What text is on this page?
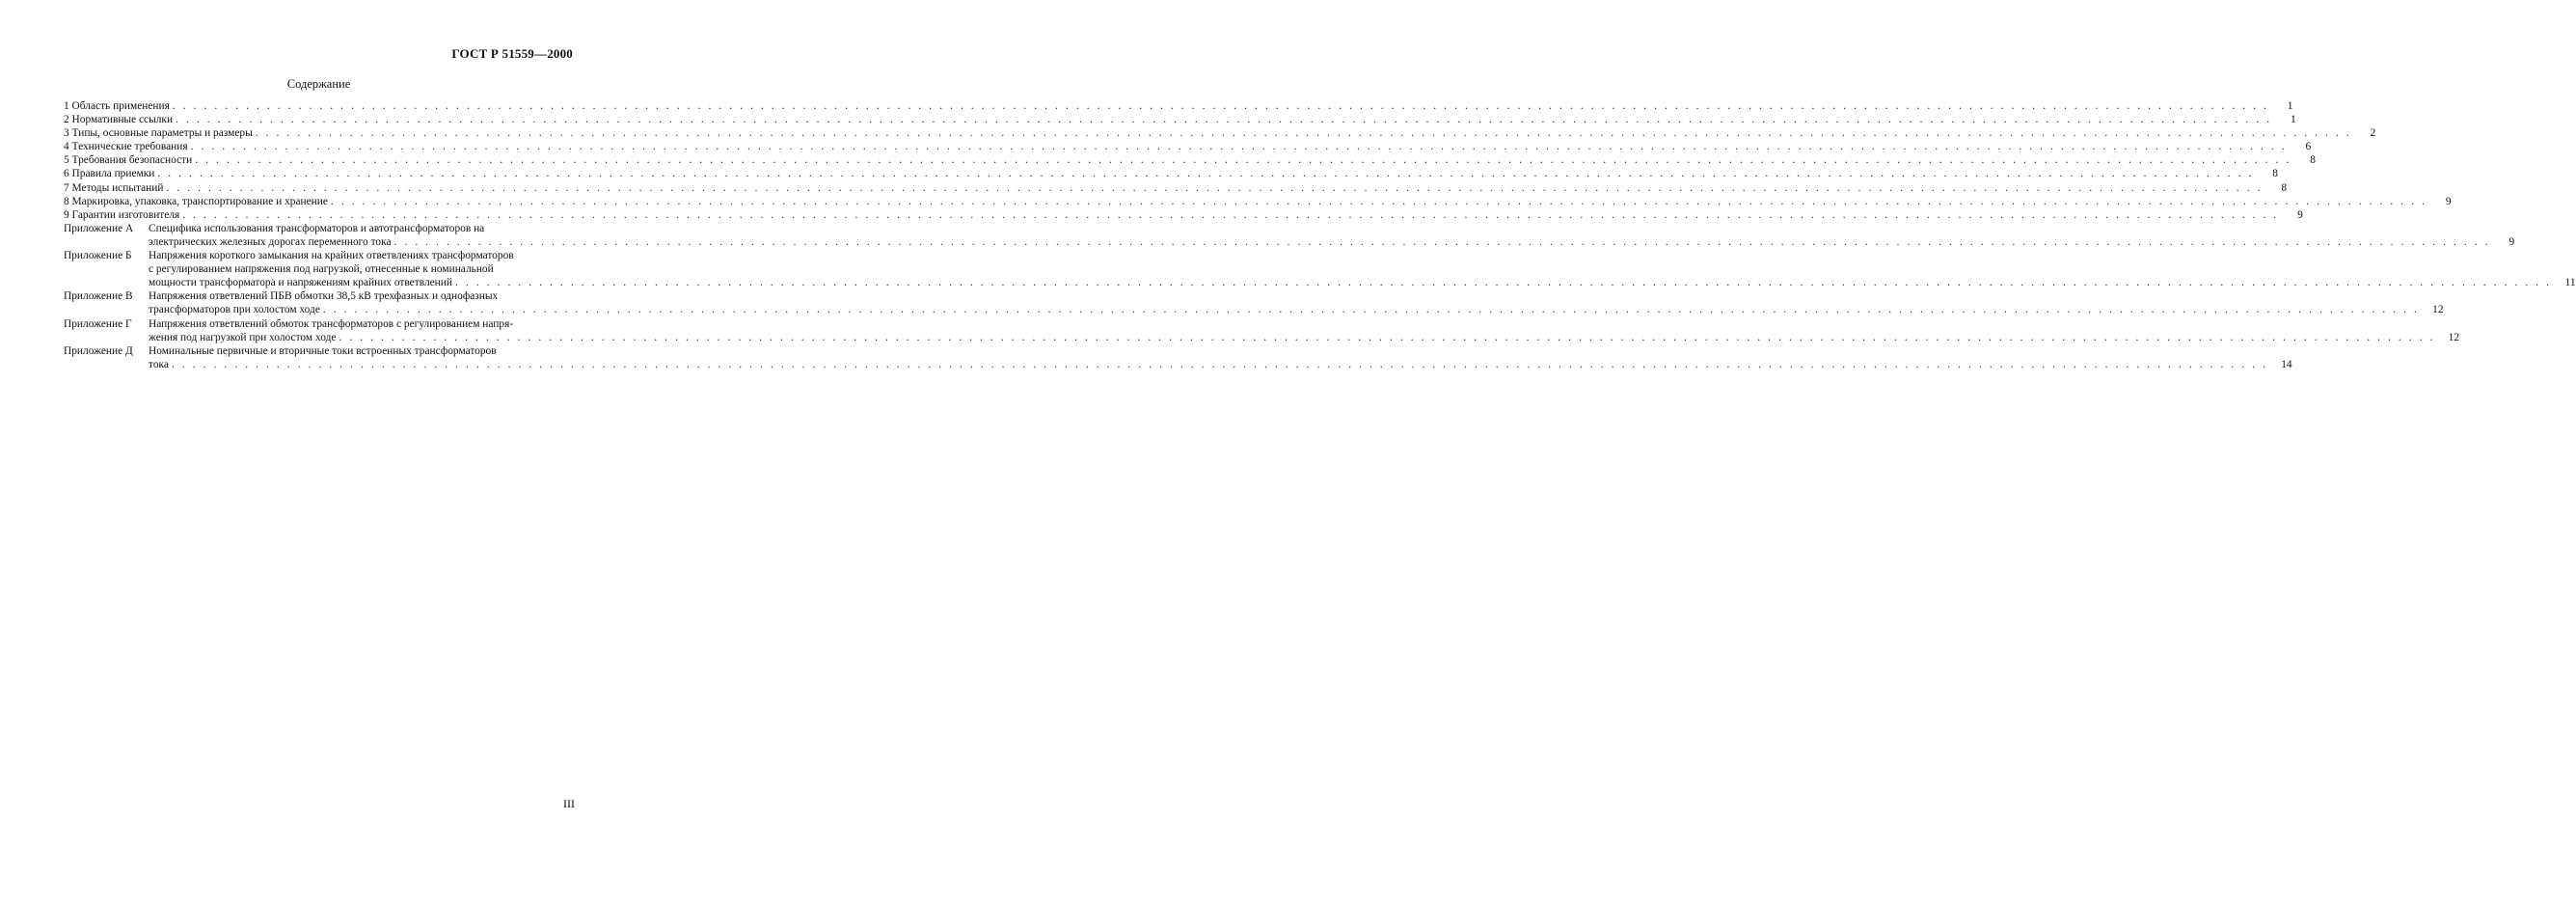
ГОСТ Р 51559—2000
Содержание
1 Область применения . . . . . . . . . . . . . . . . . . . . . . . . . . . . . . . . . . . . . . . . . . . . . . . . . . . . . . . . . . . . . . . . . . . . . . . . . . . . . . . . . . . . . . . . . . . . . . . . . . . . . . . . . . . . . . . . . . . . . . . . . . . . . . . . . . . . . . . . . . . . . . . . . . . . . . . . . . . . . . . . . . . . . . . . . . . . . . . . . . . . . . . . . . . . . . . . . . . . . . . .	1
2 Нормативные ссылки . . . . . . . . . . . . . . . . . . . . . . . . . . . . . . . . . . . . . . . . . . . . . . . . . . . . . . . . . . . . . . . . . . . . . . . . . . . . . . . . . . . . . . . . . . . . . . . . . . . . . . . . . . . . . . . . . . . . . . . . . . . . . . . . . . . . . . . . . . . . . . . . . . . . . . . . . . . . . . . . . . . . . . . . . . . . . . . . . . . . . . . . . . . . . . . . . . . . . . . .	1
3 Типы, основные параметры и размеры . . . . . . . . . . . . . . . . . . . . . . . . . . . . . . . . . . . . . . . . . . . . . . . . . . . . . . . . . . . . . . . . . . . . . . . . . . . . . . . . . . . . . . . . . . . . . . . . . . . . . . . . . . . . . . . . . . . . . . . . . . . . . . . . . . . . . . . . . . . . . . . . . . . . . . . . . . . . . . . . . . . . . . . . . . . . . . . . . . . . . . . . . . . . . . . . . . . . . . . .	2
4 Технические требования . . . . . . . . . . . . . . . . . . . . . . . . . . . . . . . . . . . . . . . . . . . . . . . . . . . . . . . . . . . . . . . . . . . . . . . . . . . . . . . . . . . . . . . . . . . . . . . . . . . . . . . . . . . . . . . . . . . . . . . . . . . . . . . . . . . . . . . . . . . . . . . . . . . . . . . . . . . . . . . . . . . . . . . . . . . . . . . . . . . . . . . . . . . . . . . . . . . . . . . .	6
5 Требования безопасности . . . . . . . . . . . . . . . . . . . . . . . . . . . . . . . . . . . . . . . . . . . . . . . . . . . . . . . . . . . . . . . . . . . . . . . . . . . . . . . . . . . . . . . . . . . . . . . . . . . . . . . . . . . . . . . . . . . . . . . . . . . . . . . . . . . . . . . . . . . . . . . . . . . . . . . . . . . . . . . . . . . . . . . . . . . . . . . . . . . . . . . . . . . . . . . . . . . . . . . .	8
6 Правила приемки . . . . . . . . . . . . . . . . . . . . . . . . . . . . . . . . . . . . . . . . . . . . . . . . . . . . . . . . . . . . . . . . . . . . . . . . . . . . . . . . . . . . . . . . . . . . . . . . . . . . . . . . . . . . . . . . . . . . . . . . . . . . . . . . . . . . . . . . . . . . . . . . . . . . . . . . . . . . . . . . . . . . . . . . . . . . . . . . . . . . . . . . . . . . . . . . . . . . . . . .	8
7 Методы испытаний . . . . . . . . . . . . . . . . . . . . . . . . . . . . . . . . . . . . . . . . . . . . . . . . . . . . . . . . . . . . . . . . . . . . . . . . . . . . . . . . . . . . . . . . . . . . . . . . . . . . . . . . . . . . . . . . . . . . . . . . . . . . . . . . . . . . . . . . . . . . . . . . . . . . . . . . . . . . . . . . . . . . . . . . . . . . . . . . . . . . . . . . . . . . . . . . . . . . . . . .	8
8 Маркировка, упаковка, транспортирование и хранение . . . . . . . . . . . . . . . . . . . . . . . . . . . . . . . . . . . . . . . . . . . . . . . . . . . . . . . . . . . . . . . . . . . . . . . . . . . . . . . . . . . . . . . . . . . . . . . . . . . . . . . . . . . . . . . . . . . . . . . . . . . . . . . . . . . . . . . . . . . . . . . . . . . . . . . . . . . . . . . . . . . . . . . . . . . . . . . . . . . . . . . . . . . . . . . . . . . . . . . .	9
9 Гарантии изготовителя . . . . . . . . . . . . . . . . . . . . . . . . . . . . . . . . . . . . . . . . . . . . . . . . . . . . . . . . . . . . . . . . . . . . . . . . . . . . . . . . . . . . . . . . . . . . . . . . . . . . . . . . . . . . . . . . . . . . . . . . . . . . . . . . . . . . . . . . . . . . . . . . . . . . . . . . . . . . . . . . . . . . . . . . . . . . . . . . . . . . . . . . . . . . . . . . . . . . . . . .	9
Приложение А	Специфика использования трансформаторов и автотрансформаторов на
электрических железных дорогах переменного тока . . . . . . . . . . . . . . . . . . . . . . . . . . . . . . . . . . . . . . . . . . . . . . . . . . . . . . . . . . . . . . . . . . . . . . . . . . . . . . . . . . . . . . . . . . . . . . . . . . . . . . . . . . . . . . . . . . . . . . . . . . . . . . . . . . . . . . . . . . . . . . . . . . . . . . . . . . . . . . . . . . . . . . . . . . . . . . . . . . . . . . . . . . . . . . . . . . . . . . . .	9
Приложение Б	Напряжения короткого замыкания на крайних ответвлениях трансформаторов
с регулированием напряжения под нагрузкой, отнесенные к номинальной
мощности трансформатора и напряжениям крайних ответвлений . . . . . . . . . . . . . . . . . . . . . . . . . . . . . . . . . . . . . . . . . . . . . . . . . . . . . . . . . . . . . . . . . . . . . . . . . . . . . . . . . . . . . . . . . . . . . . . . . . . . . . . . . . . . . . . . . . . . . . . . . . . . . . . . . . . . . . . . . . . . . . . . . . . . . . . . . . . . . . . . . . . . . . . . . . . . . . . . . . . . . . . . . . . . . . . . . . . . . . . .	11
Приложение В	Напряжения ответвлений ПБВ обмотки 38,5 кВ трехфазных и однофазных
трансформаторов при холостом ходе . . . . . . . . . . . . . . . . . . . . . . . . . . . . . . . . . . . . . . . . . . . . . . . . . . . . . . . . . . . . . . . . . . . . . . . . . . . . . . . . . . . . . . . . . . . . . . . . . . . . . . . . . . . . . . . . . . . . . . . . . . . . . . . . . . . . . . . . . . . . . . . . . . . . . . . . . . . . . . . . . . . . . . . . . . . . . . . . . . . . . . . . . . . . . . . . . . . . . . . .	12
Приложение Г	Напряжения ответвлений обмоток трансформаторов с регулированием напря-
жения под нагрузкой при холостом ходе . . . . . . . . . . . . . . . . . . . . . . . . . . . . . . . . . . . . . . . . . . . . . . . . . . . . . . . . . . . . . . . . . . . . . . . . . . . . . . . . . . . . . . . . . . . . . . . . . . . . . . . . . . . . . . . . . . . . . . . . . . . . . . . . . . . . . . . . . . . . . . . . . . . . . . . . . . . . . . . . . . . . . . . . . . . . . . . . . . . . . . . . . . . . . . . . . . . . . . . .	12
Приложение Д	Номинальные первичные и вторичные токи встроенных трансформаторов
тока . . . . . . . . . . . . . . . . . . . . . . . . . . . . . . . . . . . . . . . . . . . . . . . . . . . . . . . . . . . . . . . . . . . . . . . . . . . . . . . . . . . . . . . . . . . . . . . . . . . . . . . . . . . . . . . . . . . . . . . . . . . . . . . . . . . . . . . . . . . . . . . . . . . . . . . . . . . . . . . . . . . . . . . . . . . . . . . . . . . . . . . . . . . . . . . . . . . . . . . .	14
III
